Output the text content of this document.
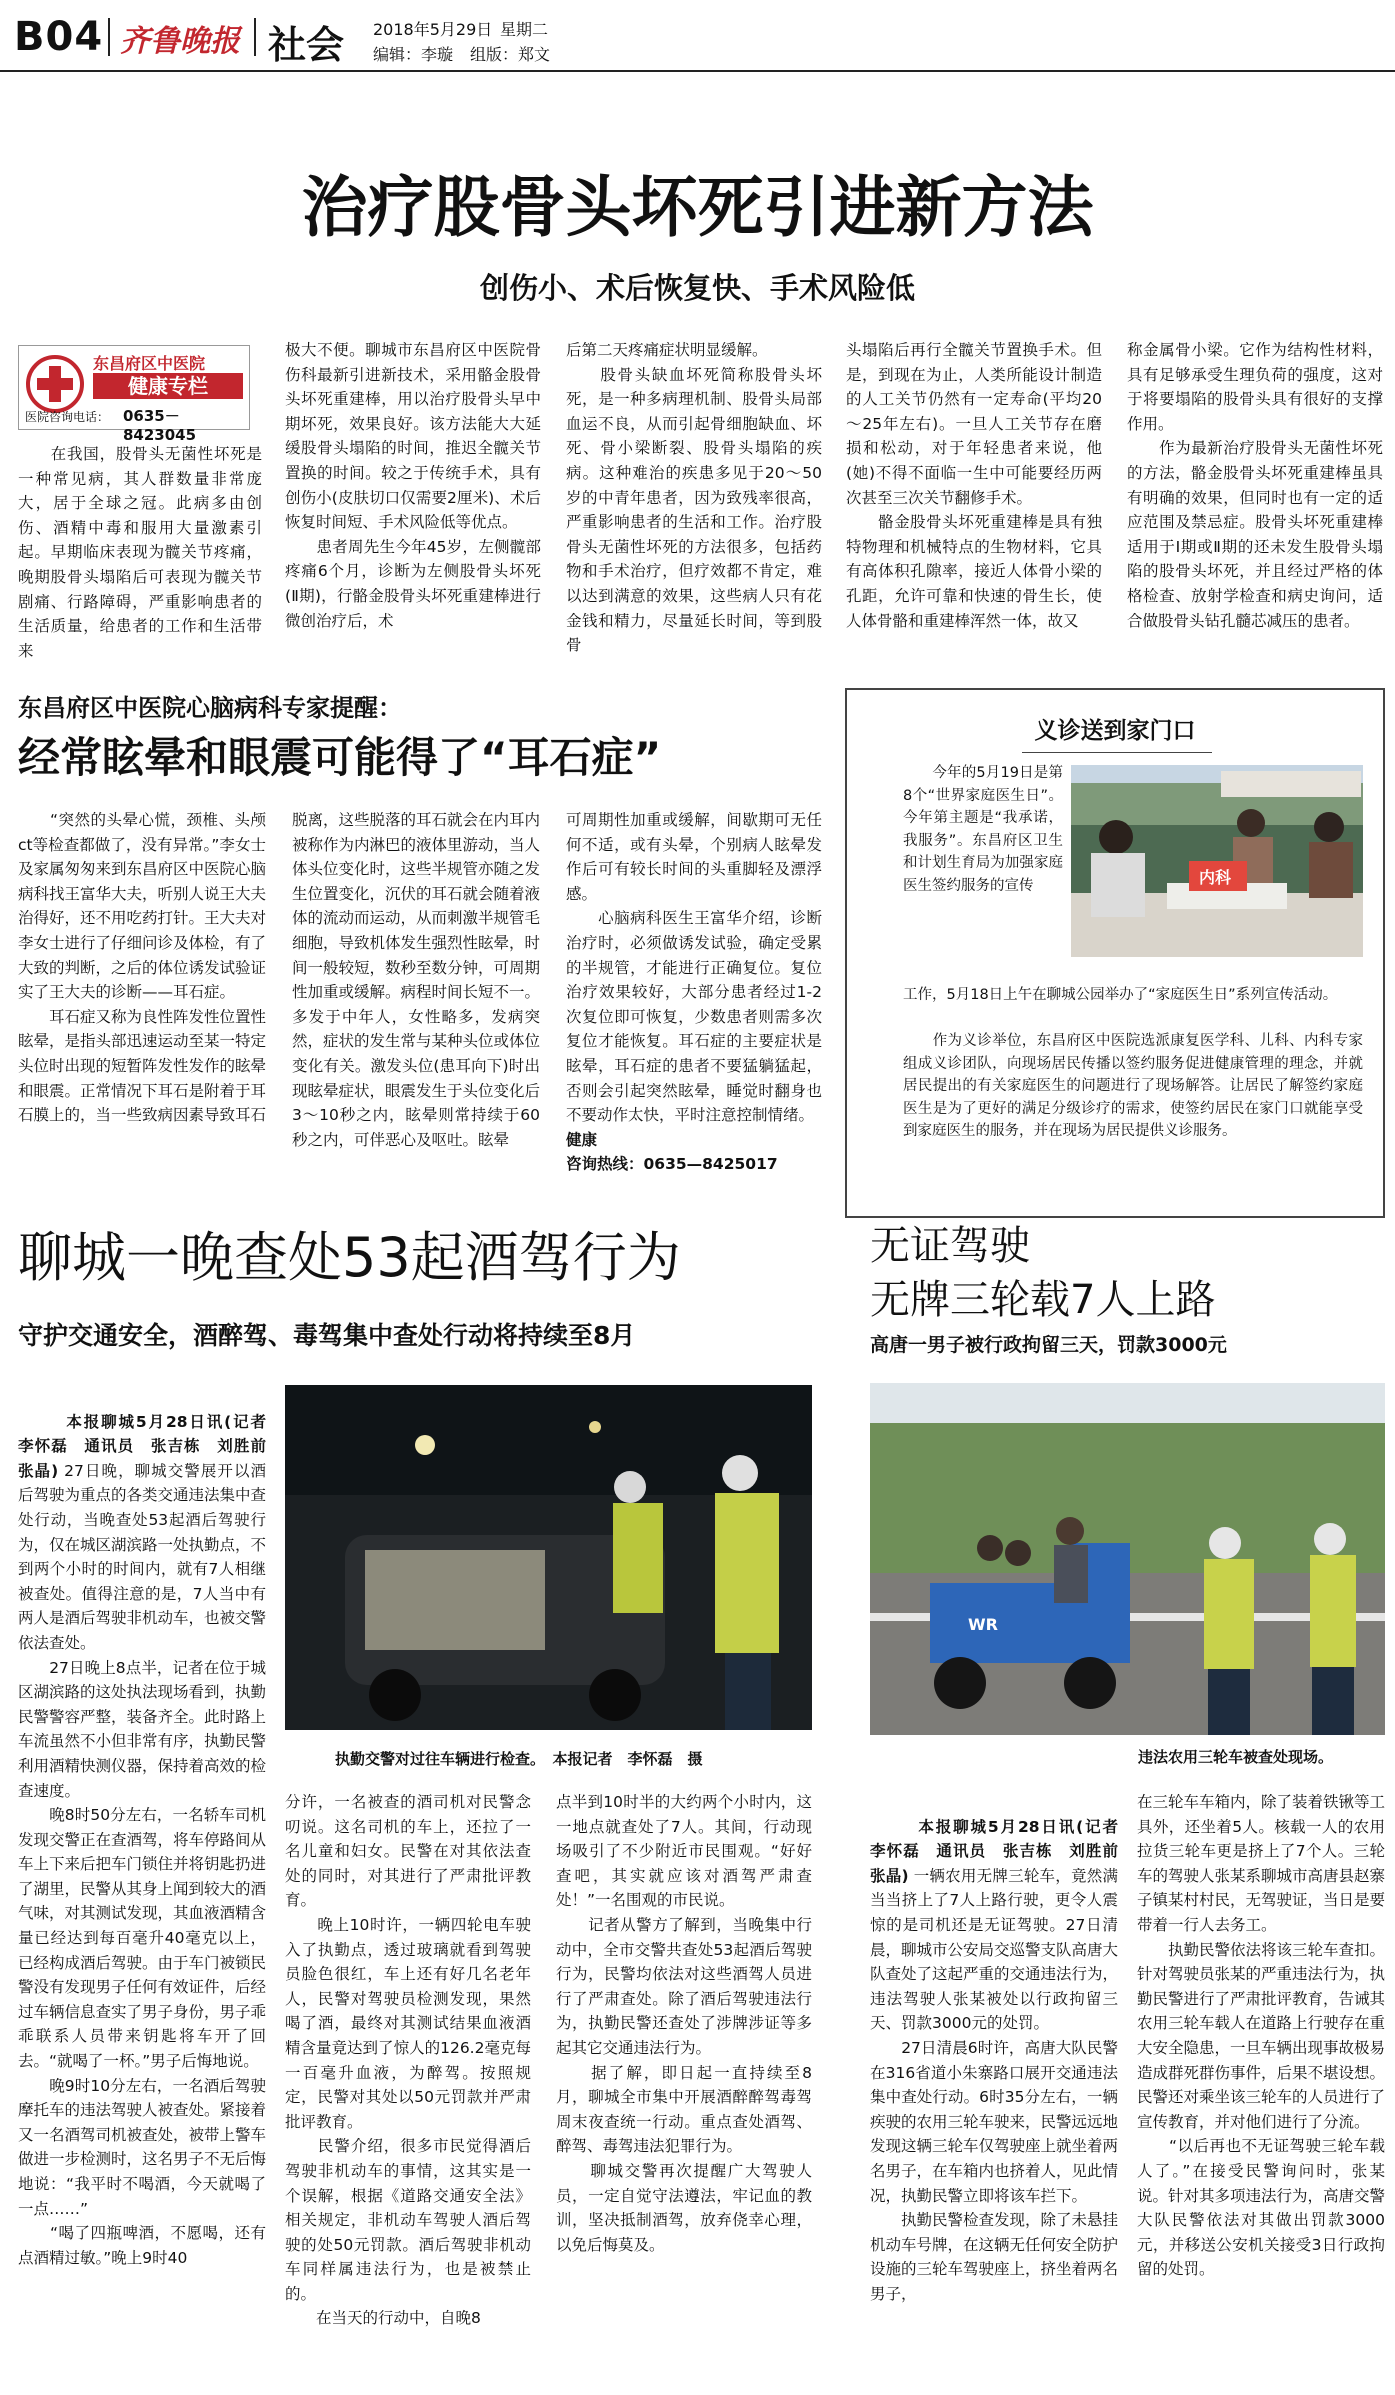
B04 齐鲁晚报 社会 2018年5月29日 星期二
编辑：李璇 组版：郑文
治疗股骨头坏死引进新方法
创伤小、术后恢复快、手术风险低
东昌府区中医院
健康专栏
医院咨询电话： 0635－8423045
　　在我国，股骨头无菌性坏死是一种常见病，其人群数量非常庞大，居于全球之冠。此病多由创伤、酒精中毒和服用大量激素引起。早期临床表现为髋关节疼痛，晚期股骨头塌陷后可表现为髋关节剧痛、行路障碍，严重影响患者的生活质量，给患者的工作和生活带来
极大不便。聊城市东昌府区中医院骨伤科最新引进新技术，采用骼金股骨头坏死重建棒，用以治疗股骨头早中期坏死，效果良好。该方法能大大延缓股骨头塌陷的时间，推迟全髋关节置换的时间。较之于传统手术，具有创伤小(皮肤切口仅需要2厘米)、术后恢复时间短、手术风险低等优点。
　　患者周先生今年45岁，左侧髋部疼痛6个月，诊断为左侧股骨头坏死(Ⅱ期)，行骼金股骨头坏死重建棒进行微创治疗后，术
后第二天疼痛症状明显缓解。
　　股骨头缺血坏死简称股骨头坏死，是一种多病理机制、股骨头局部血运不良，从而引起骨细胞缺血、坏死、骨小梁断裂、股骨头塌陷的疾病。这种难治的疾患多见于20～50岁的中青年患者，因为致残率很高，严重影响患者的生活和工作。治疗股骨头无菌性坏死的方法很多，包括药物和手术治疗，但疗效都不肯定，难以达到满意的效果，这些病人只有花金钱和精力，尽量延长时间，等到股骨
头塌陷后再行全髋关节置换手术。但是，到现在为止，人类所能设计制造的人工关节仍然有一定寿命(平均20～25年左右)。一旦人工关节存在磨损和松动，对于年轻患者来说，他(她)不得不面临一生中可能要经历两次甚至三次关节翻修手术。
　　骼金股骨头坏死重建棒是具有独特物理和机械特点的生物材料，它具有高体积孔隙率，接近人体骨小梁的孔距，允许可靠和快速的骨生长，使人体骨骼和重建棒浑然一体，故又
称金属骨小梁。它作为结构性材料，具有足够承受生理负荷的强度，这对于将要塌陷的股骨头具有很好的支撑作用。
　　作为最新治疗股骨头无菌性坏死的方法，骼金股骨头坏死重建棒虽具有明确的效果，但同时也有一定的适应范围及禁忌症。股骨头坏死重建棒适用于Ⅰ期或Ⅱ期的还未发生股骨头塌陷的股骨头坏死，并且经过严格的体格检查、放射学检查和病史询问，适合做股骨头钻孔髓芯减压的患者。
东昌府区中医院心脑病科专家提醒：
经常眩晕和眼震可能得了“耳石症”
　　“突然的头晕心慌，颈椎、头颅ct等检查都做了，没有异常。”李女士及家属匆匆来到东昌府区中医院心脑病科找王富华大夫，听别人说王大夫治得好，还不用吃药打针。王大夫对李女士进行了仔细问诊及体检，有了大致的判断，之后的体位诱发试验证实了王大夫的诊断——耳石症。
　　耳石症又称为良性阵发性位置性眩晕，是指头部迅速运动至某一特定头位时出现的短暂阵发性发作的眩晕和眼震。正常情况下耳石是附着于耳石膜上的，当一些致病因素导致耳石
脱离，这些脱落的耳石就会在内耳内被称作为内淋巴的液体里游动，当人体头位变化时，这些半规管亦随之发生位置变化，沉伏的耳石就会随着液体的流动而运动，从而刺激半规管毛细胞，导致机体发生强烈性眩晕，时间一般较短，数秒至数分钟，可周期性加重或缓解。病程时间长短不一。多发于中年人，女性略多，发病突然，症状的发生常与某种头位或体位变化有关。激发头位(患耳向下)时出现眩晕症状，眼震发生于头位变化后3～10秒之内，眩晕则常持续于60秒之内，可伴恶心及呕吐。眩晕
可周期性加重或缓解，间歇期可无任何不适，或有头晕，个别病人眩晕发作后可有较长时间的头重脚轻及漂浮感。
　　心脑病科医生王富华介绍，诊断治疗时，必须做诱发试验，确定受累的半规管，才能进行正确复位。复位治疗效果较好，大部分患者经过1-2次复位即可恢复，少数患者则需多次复位才能恢复。耳石症的主要症状是眩晕，耳石症的患者不要猛躺猛起，否则会引起突然眩晕，睡觉时翻身也不要动作太快，平时注意控制情绪。
健康
咨询热线：0635—8425017
义诊送到家门口
　　今年的5月19日是第8个“世界家庭医生日”。今年第主题是“我承诺，我服务”。东昌府区卫生和计划生育局为加强家庭医生签约服务的宣传	内科
工作，5月18日上午在聊城公园举办了“家庭医生日”系列宣传活动。
　　作为义诊举位，东昌府区中医院选派康复医学科、儿科、内科专家组成义诊团队，向现场居民传播以签约服务促进健康管理的理念，并就居民提出的有关家庭医生的问题进行了现场解答。让居民了解签约家庭医生是为了更好的满足分级诊疗的需求，使签约居民在家门口就能享受到家庭医生的服务，并在现场为居民提供义诊服务。
聊城一晚查处53起酒驾行为
守护交通安全，酒醉驾、毒驾集中查处行动将持续至8月

　　本报聊城5月28日讯(记者　李怀磊　通讯员　张吉栋　刘胜前　张晶) 27日晚，聊城交警展开以酒后驾驶为重点的各类交通违法集中查处行动，当晚查处53起酒后驾驶行为，仅在城区湖滨路一处执勤点，不到两个小时的时间内，就有7人相继被查处。值得注意的是，7人当中有两人是酒后驾驶非机动车，也被交警依法查处。
　　27日晚上8点半，记者在位于城区湖滨路的这处执法现场看到，执勤民警警容严整，装备齐全。此时路上车流虽然不小但非常有序，执勤民警利用酒精快测仪器，保持着高效的检查速度。
　　晚8时50分左右，一名轿车司机发现交警正在查酒驾，将车停路间从车上下来后把车门锁住并将钥匙扔进了湖里，民警从其身上闻到较大的酒气味，对其测试发现，其血液酒精含量已经达到每百毫升40毫克以上，已经构成酒后驾驶。由于车门被锁民警没有发现男子任何有效证件，后经过车辆信息查实了男子身份，男子乖乖联系人员带来钥匙将车开了回去。“就喝了一杯。”男子后悔地说。
　　晚9时10分左右，一名酒后驾驶摩托车的违法驾驶人被查处。紧接着又一名酒驾司机被查处，被带上警车做进一步检测时，这名男子不无后悔地说：“我平时不喝酒，今天就喝了一点……”
　　“喝了四瓶啤酒，不愿喝，还有点酒精过敏。”晚上9时40

执勤交警对过往车辆进行检查。　本报记者　李怀磊　摄
分许，一名被查的酒司机对民警念叨说。这名司机的车上，还拉了一名儿童和妇女。民警在对其依法查处的同时，对其进行了严肃批评教育。
　　晚上10时许，一辆四轮电车驶入了执勤点，透过玻璃就看到驾驶员脸色很红，车上还有好几名老年人，民警对驾驶员检测发现，果然喝了酒，最终对其测试结果血液酒精含量竟达到了惊人的126.2毫克每一百毫升血液，为醉驾。按照规定，民警对其处以50元罚款并严肃批评教育。
　　民警介绍，很多市民觉得酒后驾驶非机动车的事情，这其实是一个误解，根据《道路交通安全法》相关规定，非机动车驾驶人酒后驾驶的处50元罚款。酒后驾驶非机动车同样属违法行为，也是被禁止的。
　　在当天的行动中，自晚8
点半到10时半的大约两个小时内，这一地点就查处了7人。其间，行动现场吸引了不少附近市民围观。“好好查吧，其实就应该对酒驾严肃查处！”一名围观的市民说。
　　记者从警方了解到，当晚集中行动中，全市交警共查处53起酒后驾驶行为，民警均依法对这些酒驾人员进行了严肃查处。除了酒后驾驶违法行为，执勤民警还查处了涉牌涉证等多起其它交通违法行为。
　　据了解，即日起一直持续至8月，聊城全市集中开展酒醉醉驾毒驾周末夜查统一行动。重点查处酒驾、醉驾、毒驾违法犯罪行为。
　　聊城交警再次提醒广大驾驶人员，一定自觉守法遵法，牢记血的教训，坚决抵制酒驾，放弃侥幸心理，以免后悔莫及。
无证驾驶
无牌三轮载7人上路
高唐一男子被行政拘留三天，罚款3000元
WR
违法农用三轮车被查处现场。

　　本报聊城5月28日讯(记者　李怀磊　通讯员　张吉栋　刘胜前　张晶) 一辆农用无牌三轮车，竟然满当当挤上了7人上路行驶，更令人震惊的是司机还是无证驾驶。27日清晨，聊城市公安局交巡警支队高唐大队查处了这起严重的交通违法行为，违法驾驶人张某被处以行政拘留三天、罚款3000元的处罚。
　　27日清晨6时许，高唐大队民警在316省道小朱寨路口展开交通违法集中查处行动。6时35分左右，一辆疾驶的农用三轮车驶来，民警远远地发现这辆三轮车仅驾驶座上就坐着两名男子，在车箱内也挤着人，见此情况，执勤民警立即将该车拦下。
　　执勤民警检查发现，除了未悬挂机动车号牌，在这辆无任何安全防护设施的三轮车驾驶座上，挤坐着两名男子，

在三轮车车箱内，除了装着铁锹等工具外，还坐着5人。核载一人的农用拉货三轮车更是挤上了7个人。三轮车的驾驶人张某系聊城市高唐县赵寨子镇某村村民，无驾驶证，当日是要带着一行人去务工。
　　执勤民警依法将该三轮车查扣。针对驾驶员张某的严重违法行为，执勤民警进行了严肃批评教育，告诫其农用三轮车载人在道路上行驶存在重大安全隐患，一旦车辆出现事故极易造成群死群伤事件，后果不堪设想。民警还对乘坐该三轮车的人员进行了宣传教育，并对他们进行了分流。
　　“以后再也不无证驾驶三轮车载人了。”在接受民警询问时，张某说。针对其多项违法行为，高唐交警大队民警依法对其做出罚款3000元，并移送公安机关接受3日行政拘留的处罚。
